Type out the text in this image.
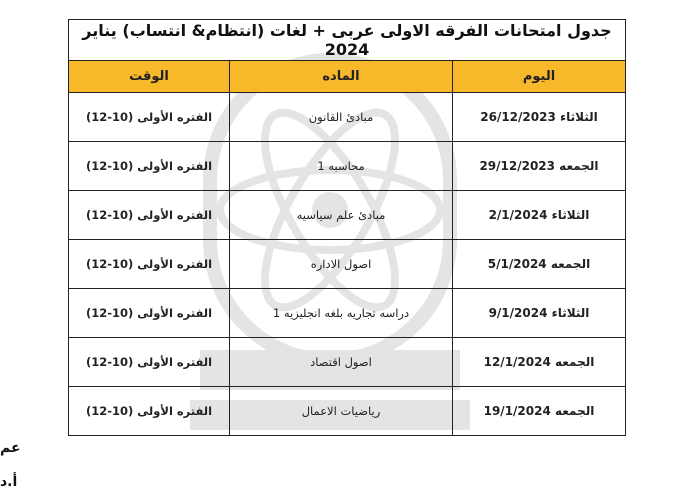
جدول امتحانات الفرقه الاولى عربى + لغات (انتظام& انتساب) يناير 2024		
اليوم	الماده	الوقت
الثلاثاء 26/12/2023	مبادئ القانون	الفتره الأولى (10-12)
الجمعه 29/12/2023	محاسبه 1	الفتره الأولى (10-12)
الثلاثاء 2/1/2024	مبادئ علم سياسيه	الفتره الأولى (10-12)
الجمعه 5/1/2024	اصول الاداره	الفتره الأولى (10-12)
الثلاثاء 9/1/2024	دراسه تجاريه بلغه انجليزيه 1	الفتره الأولى (10-12)
الجمعه 12/1/2024	اصول اقتصاد	الفتره الأولى (10-12)
الجمعه 19/1/2024	رياضيات الاعمال	الفتره الأولى (10-12)
عم
أ.د
